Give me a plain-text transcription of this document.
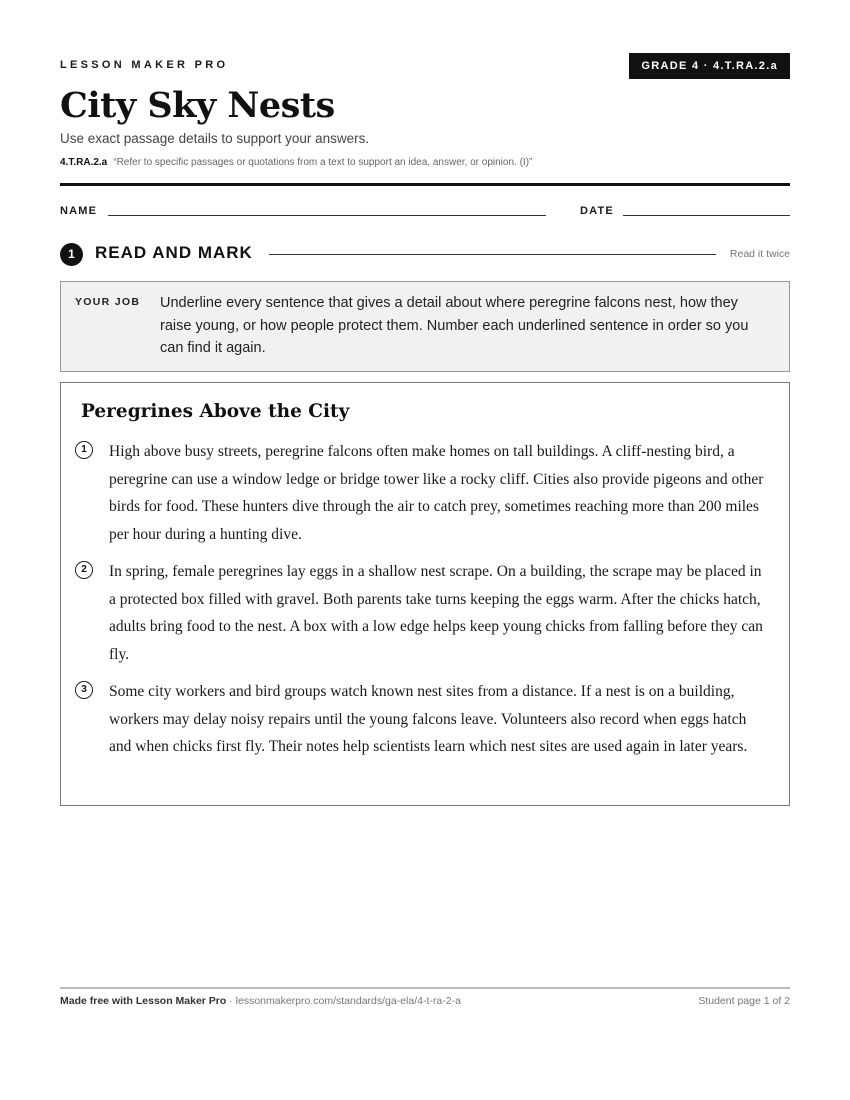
LESSON MAKER PRO	GRADE 4 · 4.T.RA.2.a
City Sky Nests
Use exact passage details to support your answers.
4.T.RA.2.a “Refer to specific passages or quotations from a text to support an idea, answer, or opinion. (I)”
NAME	DATE
1	READ AND MARK	Read it twice
YOUR JOB Underline every sentence that gives a detail about where peregrine falcons nest, how they raise young, or how people protect them. Number each underlined sentence in order so you can find it again.
Peregrines Above the City
1	High above busy streets, peregrine falcons often make homes on tall buildings. A cliff-nesting bird, a peregrine can use a window ledge or bridge tower like a rocky cliff. Cities also provide pigeons and other birds for food. These hunters dive through the air to catch prey, sometimes reaching more than 200 miles per hour during a hunting dive.
2	In spring, female peregrines lay eggs in a shallow nest scrape. On a building, the scrape may be placed in a protected box filled with gravel. Both parents take turns keeping the eggs warm. After the chicks hatch, adults bring food to the nest. A box with a low edge helps keep young chicks from falling before they can fly.
3	Some city workers and bird groups watch known nest sites from a distance. If a nest is on a building, workers may delay noisy repairs until the young falcons leave. Volunteers also record when eggs hatch and when chicks first fly. Their notes help scientists learn which nest sites are used again in later years.
Made free with Lesson Maker Pro · lessonmakerpro.com/standards/ga-ela/4-t-ra-2-a	Student page 1 of 2
